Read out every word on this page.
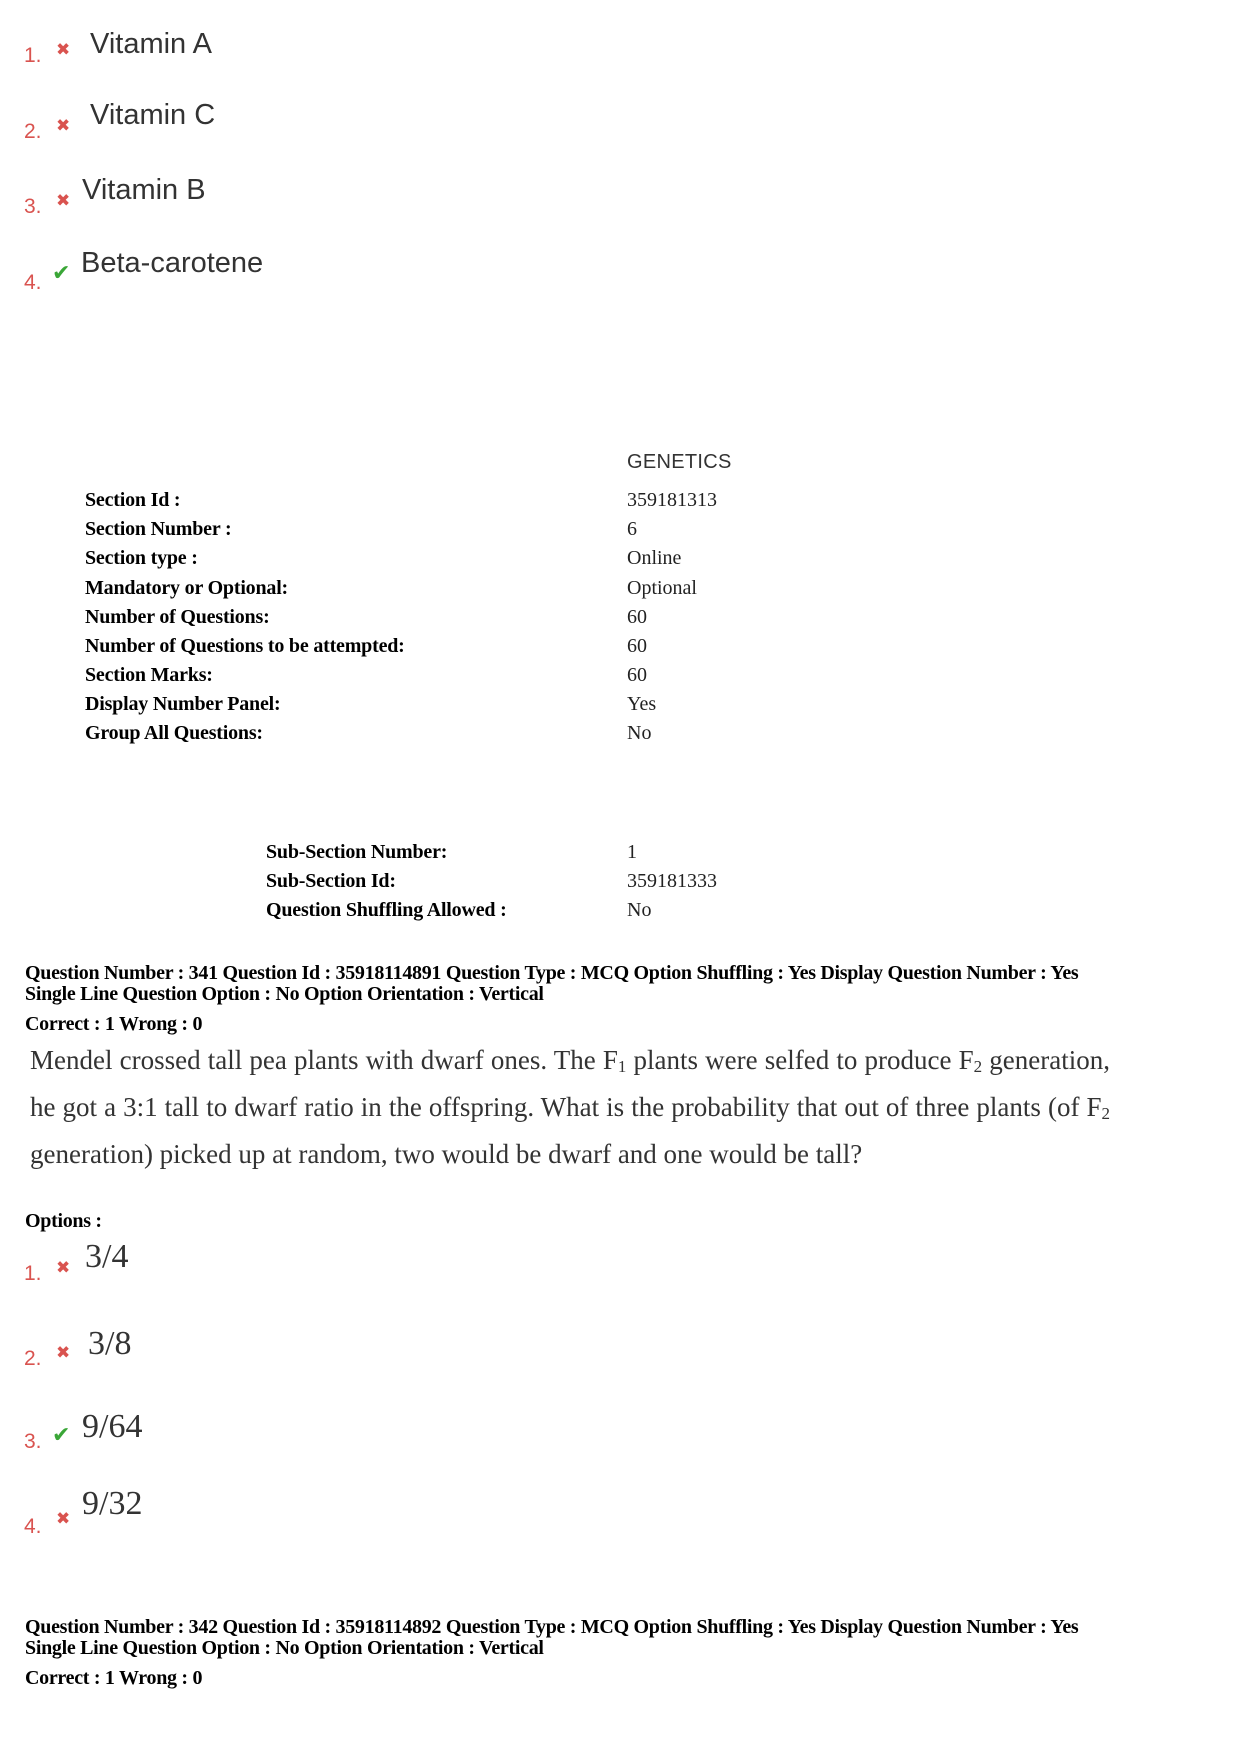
1. ✖ Vitamin A
2. ✖ Vitamin C
3. ✖ Vitamin B
4. ✔ Beta-carotene
GENETICS
Section Id :	359181313
Section Number :	6
Section type :	Online
Mandatory or Optional:	Optional
Number of Questions:	60
Number of Questions to be attempted:	60
Section Marks:	60
Display Number Panel:	Yes
Group All Questions:	No
Sub-Section Number:	1
Sub-Section Id:	359181333
Question Shuffling Allowed :	No
Question Number : 341 Question Id : 35918114891 Question Type : MCQ Option Shuffling : Yes Display Question Number : Yes
Single Line Question Option : No Option Orientation : Vertical
Correct : 1 Wrong : 0
Mendel crossed tall pea plants with dwarf ones. The $F_1$ plants were selfed to produce $F_2$ generation, he got a 3:1 tall to dwarf ratio in the offspring. What is the probability that out of three plants (of $F_2$ generation) picked up at random, two would be dwarf and one would be tall?
Options :
1. ✖ 3/4
2. ✖ 3/8
3. ✔ 9/64
4. ✖ 9/32
Question Number : 342 Question Id : 35918114892 Question Type : MCQ Option Shuffling : Yes Display Question Number : Yes
Single Line Question Option : No Option Orientation : Vertical
Correct : 1 Wrong : 0
